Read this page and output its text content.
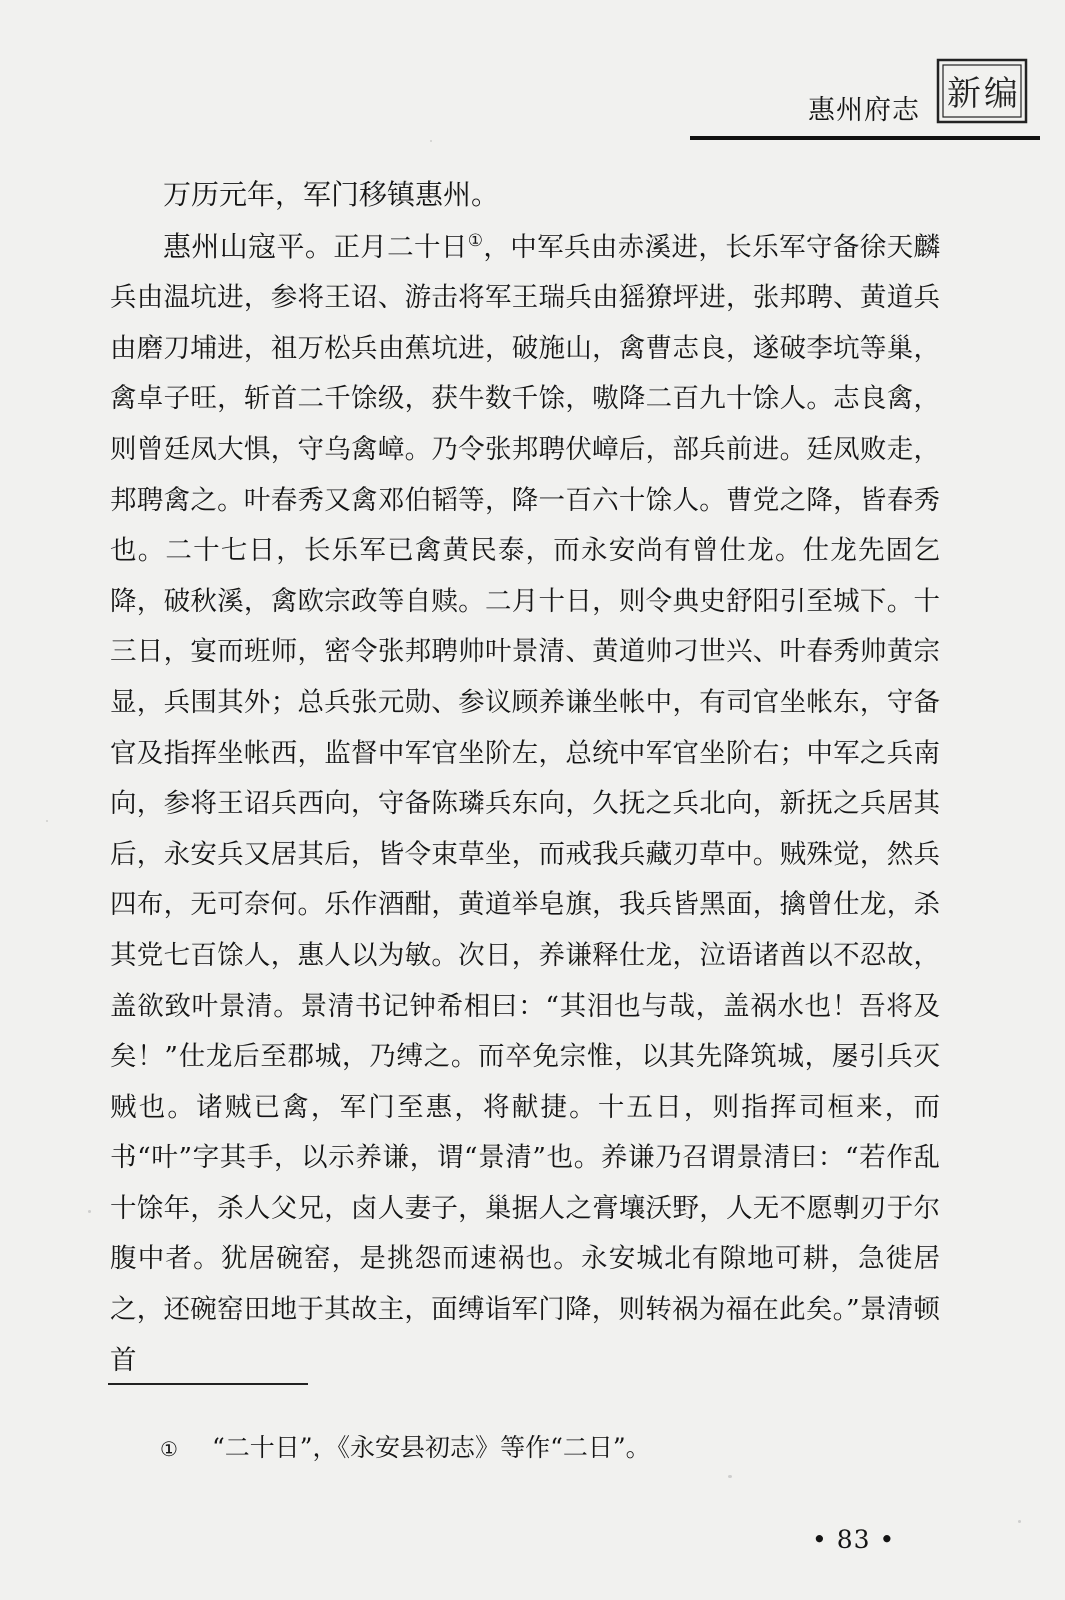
惠州府志 新 编

万历元年，军门移镇惠州。

惠州山寇平。正月二十日①，中军兵由赤溪进，长乐军守备徐天麟兵由温坑进，参将王诏、游击将军王瑞兵由猺獠坪进，张邦聘、黄道兵由磨刀埔进，祖万松兵由蕉坑进，破施山，禽曹志良，遂破李坑等巢，禽卓子旺，斩首二千馀级，获牛数千馀，嗷降二百九十馀人。志良禽，则曾廷凤大惧，守乌禽嶂。乃令张邦聘伏嶂后，部兵前进。廷凤败走，邦聘禽之。叶春秀又禽邓伯韬等，降一百六十馀人。曹党之降，皆春秀也。二十七日，长乐军已禽黄民泰，而永安尚有曾仕龙。仕龙先固乞降，破秋溪，禽欧宗政等自赎。二月十日，则令典史舒阳引至城下。十三日，宴而班师，密令张邦聘帅叶景清、黄道帅刁世兴、叶春秀帅黄宗显，兵围其外；总兵张元勋、参议顾养谦坐帐中，有司官坐帐东，守备官及指挥坐帐西，监督中军官坐阶左，总统中军官坐阶右；中军之兵南向，参将王诏兵西向，守备陈璘兵东向，久抚之兵北向，新抚之兵居其后，永安兵又居其后，皆令束草坐，而戒我兵藏刃草中。贼殊觉，然兵四布，无可奈何。乐作酒酣，黄道举皂旗，我兵皆黑面，擒曾仕龙，杀其党七百馀人，惠人以为敏。次日，养谦释仕龙，泣语诸酋以不忍故，盖欲致叶景清。景清书记钟希相曰：“其泪也与哉，盖祸水也！吾将及矣！”仕龙后至郡城，乃缚之。而卒免宗惟，以其先降筑城，屡引兵灭贼也。诸贼已禽，军门至惠，将献捷。十五日，则指挥司桓来，而书“叶”字其手，以示养谦，谓“景清”也。养谦乃召谓景清曰：“若作乱十馀年，杀人父兄，卤人妻子，巢据人之膏壤沃野，人无不愿剸刃于尔腹中者。犹居碗窑，是挑怨而速祸也。永安城北有隙地可耕，急徙居之，还碗窑田地于其故主，面缚诣军门降，则转祸为福在此矣。”景清顿首

① “二十日”，《永安县初志》等作“二日”。
• 83 •
